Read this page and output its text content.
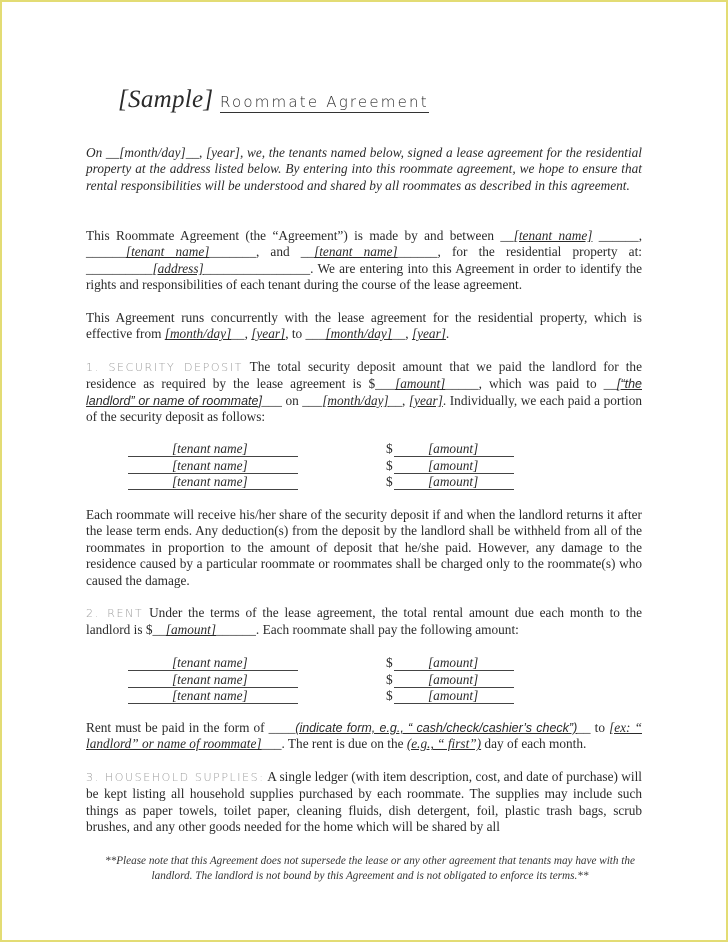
[Sample] Roommate Agreement
On __[month/day]__, [year], we, the tenants named below, signed a lease agreement for the residential property at the address listed below. By entering into this roommate agreement, we hope to ensure that rental responsibilities will be understood and shared by all roommates as described in this agreement.
This Roommate Agreement (the “Agreement”) is made by and between __[tenant name] ______, ______[tenant name]_______, and __[tenant name]______, for the residential property at: __________[address]________________. We are entering into this Agreement in order to identify the rights and responsibilities of each tenant during the course of the lease agreement.
This Agreement runs concurrently with the lease agreement for the residential property, which is effective from [month/day]__, [year], to ___[month/day]__, [year].
1. SECURITY DEPOSIT The total security deposit amount that we paid the landlord for the residence as required by the lease agreement is $___[amount]_____, which was paid to __[“the landlord” or name of roommate]___ on ___[month/day]__, [year]. Individually, we each paid a portion of the security deposit as follows:
[tenant name]	$	[amount]
[tenant name]	$	[amount]
[tenant name]	$	[amount]
Each roommate will receive his/her share of the security deposit if and when the landlord returns it after the lease term ends. Any deduction(s) from the deposit by the landlord shall be withheld from all of the roommates in proportion to the amount of deposit that he/she paid. However, any damage to the residence caused by a particular roommate or roommates shall be charged only to the roommate(s) who caused the damage.
2. RENT Under the terms of the lease agreement, the total rental amount due each month to the landlord is $__[amount]______. Each roommate shall pay the following amount:
[tenant name]	$	[amount]
[tenant name]	$	[amount]
[tenant name]	$	[amount]
Rent must be paid in the form of ____(indicate form, e.g., “ cash/check/cashier’s check”)__ to [ex: “ landlord” or name of roommate]___. The rent is due on the (e.g., “ first”) day of each month.
3. HOUSEHOLD SUPPLIES: A single ledger (with item description, cost, and date of purchase) will be kept listing all household supplies purchased by each roommate. The supplies may include such things as paper towels, toilet paper, cleaning fluids, dish detergent, foil, plastic trash bags, scrub brushes, and any other goods needed for the home which will be shared by all
**Please note that this Agreement does not supersede the lease or any other agreement that tenants may have with the landlord. The landlord is not bound by this Agreement and is not obligated to enforce its terms.**
